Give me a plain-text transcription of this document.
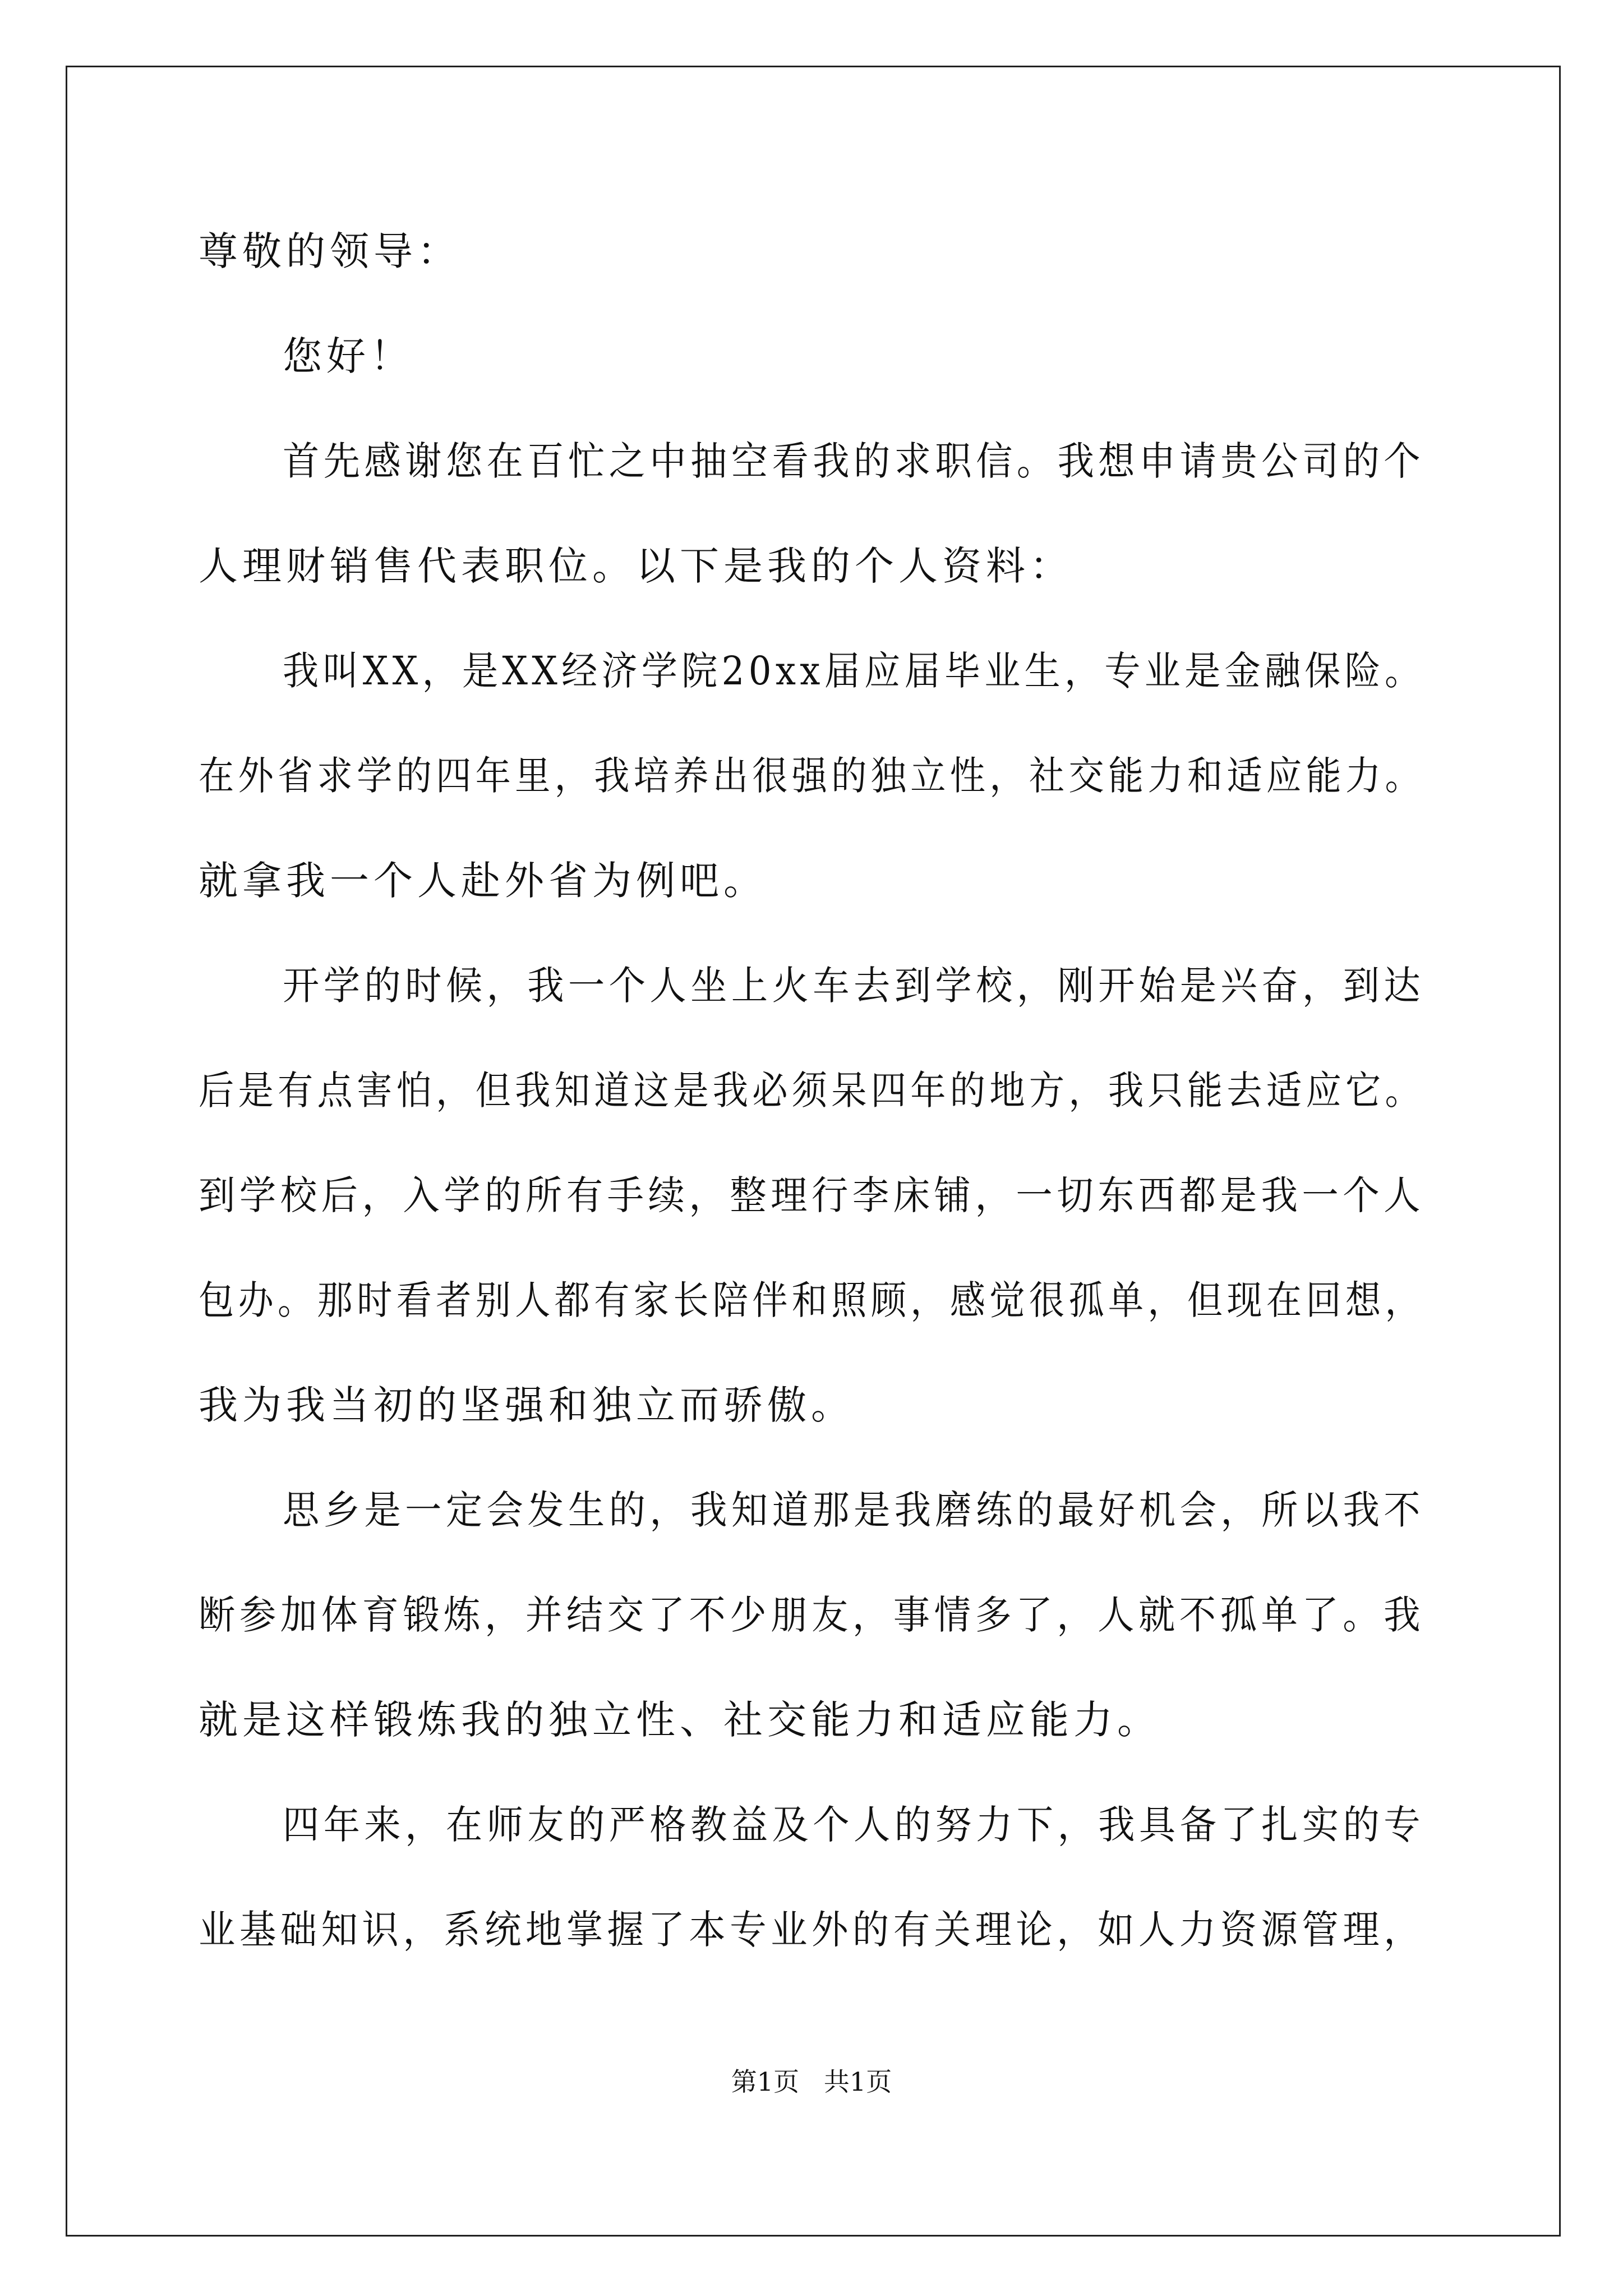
尊敬的领导：
您好！
首先感谢您在百忙之中抽空看我的求职信。我想申请贵公司的个
人理财销售代表职位。以下是我的个人资料：
我叫XX，是XX经济学院20xx届应届毕业生，专业是金融保险。
在外省求学的四年里，我培养出很强的独立性，社交能力和适应能力。
就拿我一个人赴外省为例吧。
开学的时候，我一个人坐上火车去到学校，刚开始是兴奋，到达
后是有点害怕，但我知道这是我必须呆四年的地方，我只能去适应它。
到学校后，入学的所有手续，整理行李床铺，一切东西都是我一个人
包办。那时看者别人都有家长陪伴和照顾，感觉很孤单，但现在回想，
我为我当初的坚强和独立而骄傲。
思乡是一定会发生的，我知道那是我磨练的最好机会，所以我不
断参加体育锻炼，并结交了不少朋友，事情多了，人就不孤单了。我
就是这样锻炼我的独立性、社交能力和适应能力。
四年来，在师友的严格教益及个人的努力下，我具备了扎实的专
业基础知识，系统地掌握了本专业外的有关理论，如人力资源管理，
第1页   共1页
